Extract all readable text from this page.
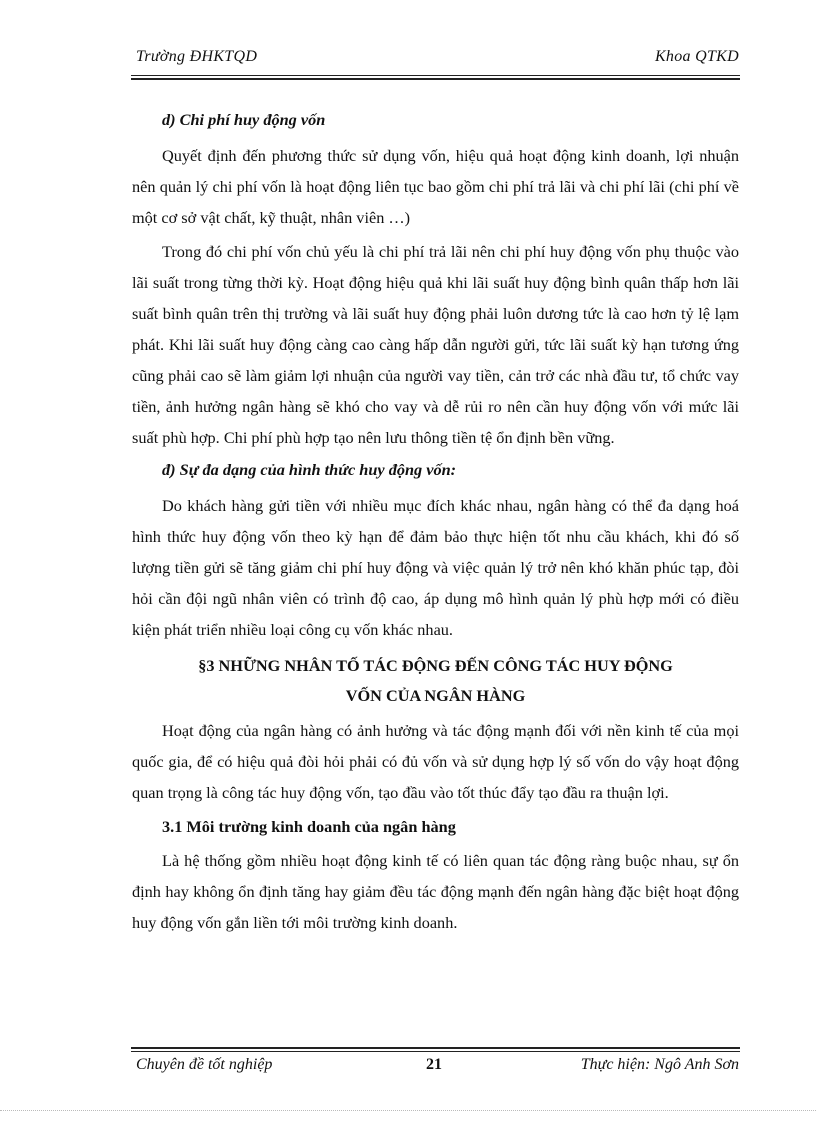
Trường ĐHKTQD	Khoa QTKD
d) Chi phí huy động vốn

Quyết định đến phương thức sử dụng vốn, hiệu quả hoạt động kinh doanh, lợi nhuận nên quản lý chi phí vốn là hoạt động liên tục bao gồm chi phí trả lãi và chi phí lãi (chi phí về một cơ sở vật chất, kỹ thuật, nhân viên …)

Trong đó chi phí vốn chủ yếu là chi phí trả lãi nên chi phí huy động vốn phụ thuộc vào lãi suất trong từng thời kỳ. Hoạt động hiệu quả khi lãi suất huy động bình quân thấp hơn lãi suất bình quân trên thị trường và lãi suất huy động phải luôn dương tức là cao hơn tỷ lệ lạm phát. Khi lãi suất huy động càng cao càng hấp dẫn người gửi, tức lãi suất kỳ hạn tương ứng cũng phải cao sẽ làm giảm lợi nhuận của người vay tiền, cản trở các nhà đầu tư, tổ chức vay tiền, ảnh hưởng ngân hàng sẽ khó cho vay và dễ rủi ro nên cần huy động vốn với mức lãi suất phù hợp. Chi phí phù hợp tạo nên lưu thông tiền tệ ổn định bền vững.

đ) Sự đa dạng của hình thức huy động vốn:

Do khách hàng gửi tiền với nhiều mục đích khác nhau, ngân hàng có thể đa dạng hoá hình thức huy động vốn theo kỳ hạn để đảm bảo thực hiện tốt nhu cầu khách, khi đó số lượng tiền gửi sẽ tăng giảm chi phí huy động và việc quản lý trở nên khó khăn phúc tạp, đòi hỏi cần đội ngũ nhân viên có trình độ cao, áp dụng mô hình quản lý phù hợp mới có điều kiện phát triển nhiều loại công cụ vốn khác nhau.

§3 NHỮNG NHÂN TỐ TÁC ĐỘNG ĐẾN CÔNG TÁC HUY ĐỘNG
VỐN CỦA NGÂN HÀNG

Hoạt động của ngân hàng có ảnh hưởng và tác động mạnh đối với nền kinh tế của mọi quốc gia, để có hiệu quả đòi hỏi phải có đủ vốn và sử dụng hợp lý số vốn do vậy hoạt động quan trọng là công tác huy động vốn, tạo đầu vào tốt thúc đẩy tạo đầu ra thuận lợi.

3.1 Môi trường kinh doanh của ngân hàng

Là hệ thống gồm nhiều hoạt động kinh tế có liên quan tác động ràng buộc nhau, sự ổn định hay không ổn định tăng hay giảm đều tác động mạnh đến ngân hàng đặc biệt hoạt động huy động vốn gắn liền tới môi trường kinh doanh.

Chuyên đề tốt nghiệp	21	Thực hiện: Ngô Anh Sơn
